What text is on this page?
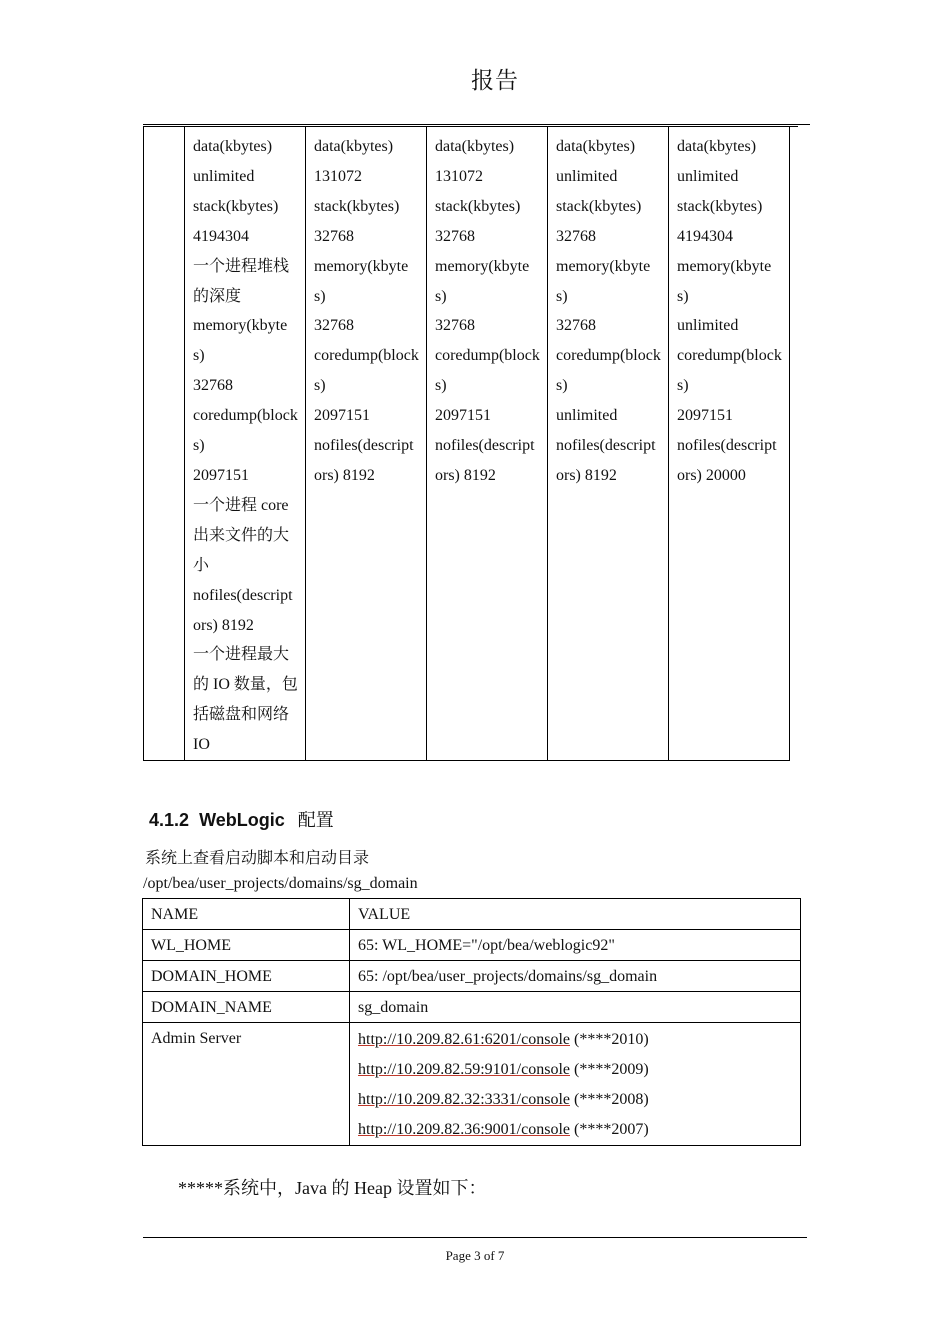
报告

data(kbytes)
unlimited
stack(kbytes)
4194304
一个进程堆栈的深度
memory(kbytes)
32768
coredump(blocks)
2097151
一个进程 core 出来文件的大小
nofiles(descriptors) 8192
一个进程最大的 IO 数量，包括磁盘和网络 IO

data(kbytes)
131072
stack(kbytes)
32768
memory(kbytes)
32768
coredump(blocks)
2097151
nofiles(descriptors) 8192

data(kbytes)
131072
stack(kbytes)
32768
memory(kbytes)
32768
coredump(blocks)
2097151
nofiles(descriptors) 8192

data(kbytes)
unlimited
stack(kbytes)
32768
memory(kbytes)
32768
coredump(blocks)
unlimited
nofiles(descriptors) 8192

data(kbytes)
unlimited
stack(kbytes)
4194304
memory(kbytes)
unlimited
coredump(blocks)
2097151
nofiles(descriptors) 20000

4.1.2 WebLogic 配置
系统上查看启动脚本和启动目录
/opt/bea/user_projects/domains/sg_domain
NAME	VALUE
WL_HOME	65: WL_HOME="/opt/bea/weblogic92"
DOMAIN_HOME	65: /opt/bea/user_projects/domains/sg_domain
DOMAIN_NAME	sg_domain
Admin Server	http://10.209.82.61:6201/console (****2010)
http://10.209.82.59:9101/console (****2009)
http://10.209.82.32:3331/console (****2008)
http://10.209.82.36:9001/console (****2007)
*****系统中，Java 的 Heap 设置如下：
Page 3 of 7
